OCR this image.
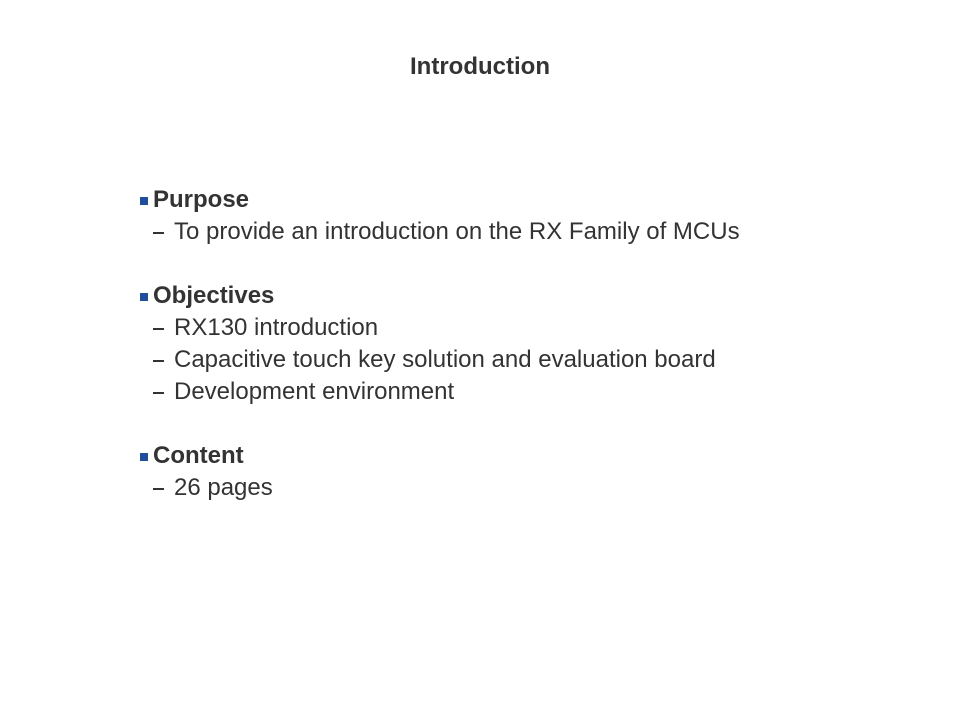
Introduction
Purpose
To provide an introduction on the RX Family of MCUs
Objectives
RX130 introduction
Capacitive touch key solution and evaluation board
Development environment
Content
26 pages
